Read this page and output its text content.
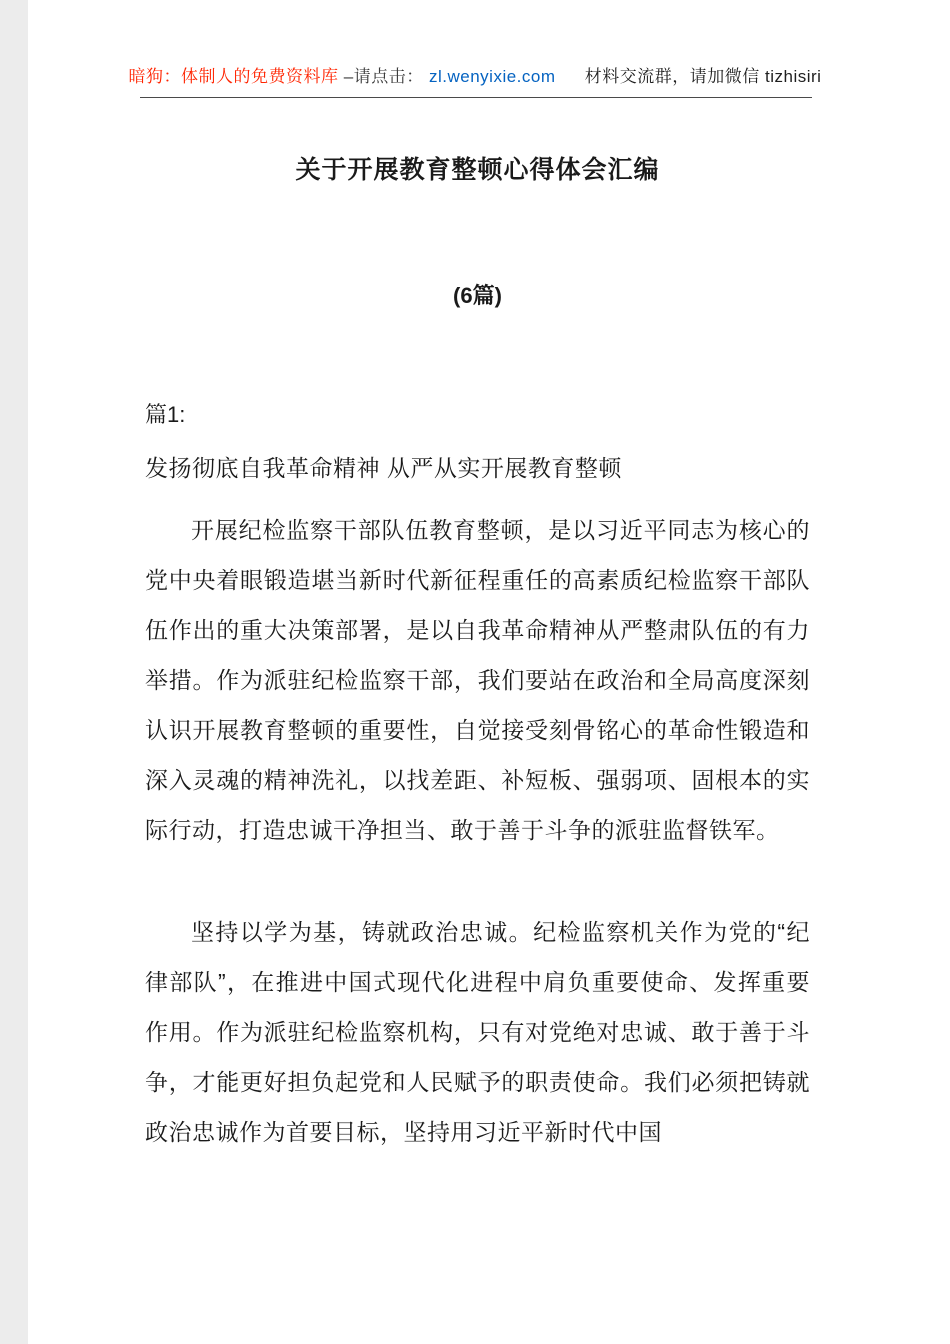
暗狗：体制人的免费资料库 –请点击： zl.wenyixie.com 材料交流群，请加微信 tizhisiri
关于开展教育整顿心得体会汇编
(6篇)
篇1:
发扬彻底自我革命精神 从严从实开展教育整顿

开展纪检监察干部队伍教育整顿，是以习近平同志为核心的党中央着眼锻造堪当新时代新征程重任的高素质纪检监察干部队伍作出的重大决策部署，是以自我革命精神从严整肃队伍的有力举措。作为派驻纪检监察干部，我们要站在政治和全局高度深刻认识开展教育整顿的重要性，自觉接受刻骨铭心的革命性锻造和深入灵魂的精神洗礼，以找差距、补短板、强弱项、固根本的实际行动，打造忠诚干净担当、敢于善于斗争的派驻监督铁军。

坚持以学为基，铸就政治忠诚。纪检监察机关作为党的“纪律部队”，在推进中国式现代化进程中肩负重要使命、发挥重要作用。作为派驻纪检监察机构，只有对党绝对忠诚、敢于善于斗争，才能更好担负起党和人民赋予的职责使命。我们必须把铸就政治忠诚作为首要目标，坚持用习近平新时代中国
